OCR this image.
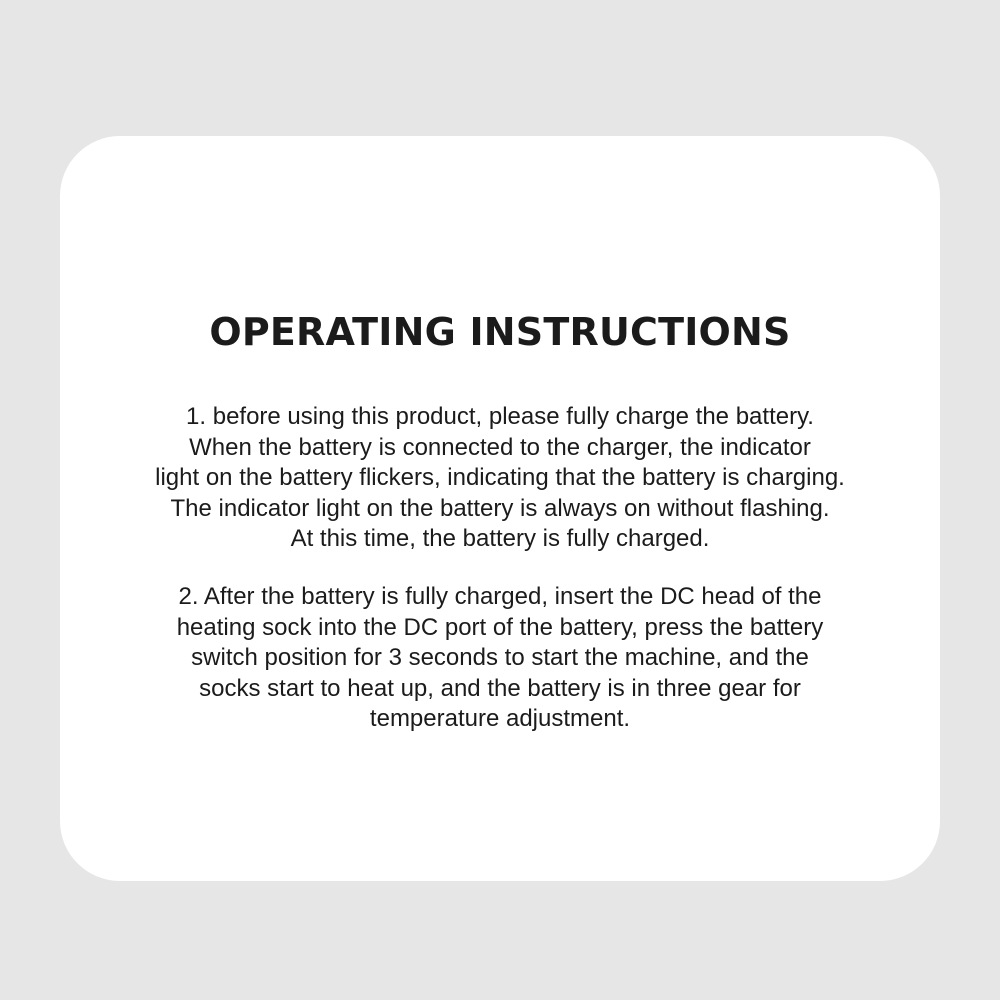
OPERATING INSTRUCTIONS

1. before using this product, please fully charge the battery.
When the battery is connected to the charger, the indicator
light on the battery flickers, indicating that the battery is charging.
The indicator light on the battery is always on without flashing.
At this time, the battery is fully charged.

2. After the battery is fully charged, insert the DC head of the
heating sock into the DC port of the battery, press the battery
switch position for 3 seconds to start the machine, and the
socks start to heat up, and the battery is in three gear for
temperature adjustment.
